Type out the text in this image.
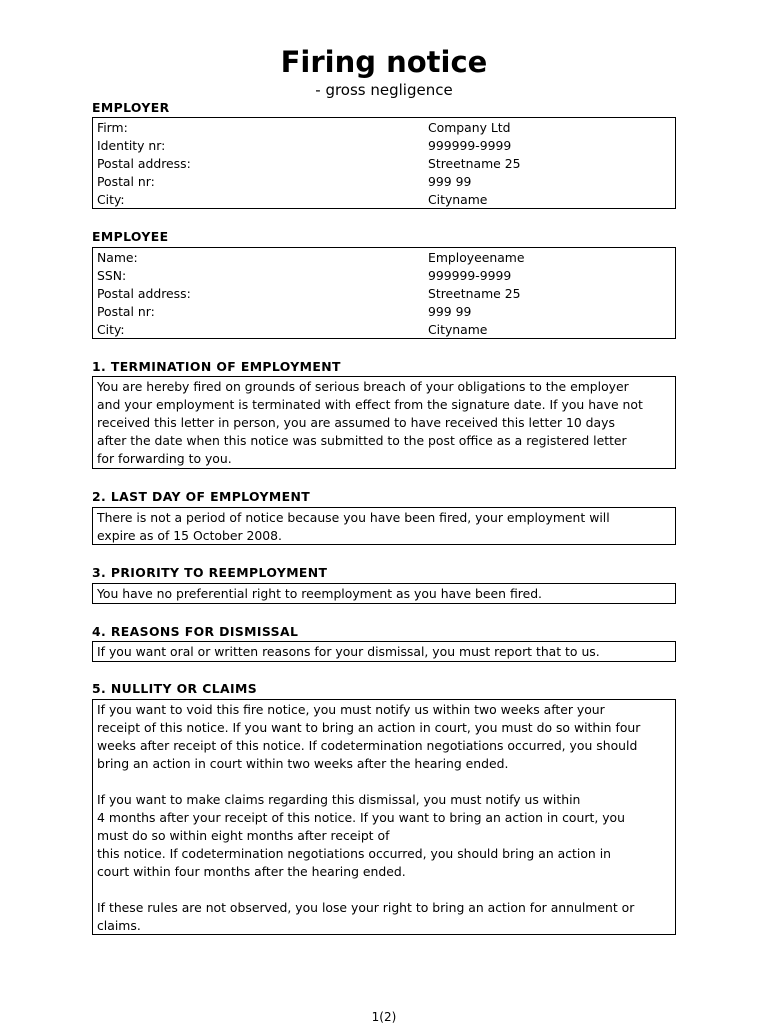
Firing notice
- gross negligence
EMPLOYER
Firm:	Company Ltd
Identity nr:	999999-9999
Postal address:	Streetname 25
Postal nr:	999 99
City:	Cityname
EMPLOYEE
Name:	Employeename
SSN:	999999-9999
Postal address:	Streetname 25
Postal nr:	999 99
City:	Cityname
1. TERMINATION OF EMPLOYMENT
You are hereby fired on grounds of serious breach of your obligations to the employer
and your employment is terminated with effect from the signature date. If you have not
received this letter in person, you are assumed to have received this letter 10 days
after the date when this notice was submitted to the post office as a registered letter
for forwarding to you.
2. LAST DAY OF EMPLOYMENT
There is not a period of notice because you have been fired, your employment will
expire as of 15 October 2008.
3. PRIORITY TO REEMPLOYMENT
You have no preferential right to reemployment as you have been fired.
4. REASONS FOR DISMISSAL
If you want oral or written reasons for your dismissal, you must report that to us.
5. NULLITY OR CLAIMS
If you want to void this fire notice, you must notify us within two weeks after your
receipt of this notice. If you want to bring an action in court, you must do so within four
weeks after receipt of this notice. If codetermination negotiations occurred, you should
bring an action in court within two weeks after the hearing ended.
If you want to make claims regarding this dismissal, you must notify us within
4 months after your receipt of this notice. If you want to bring an action in court, you
must do so within eight months after receipt of
this notice. If codetermination negotiations occurred, you should bring an action in
court within four months after the hearing ended.
If these rules are not observed, you lose your right to bring an action for annulment or
claims.
1(2)
